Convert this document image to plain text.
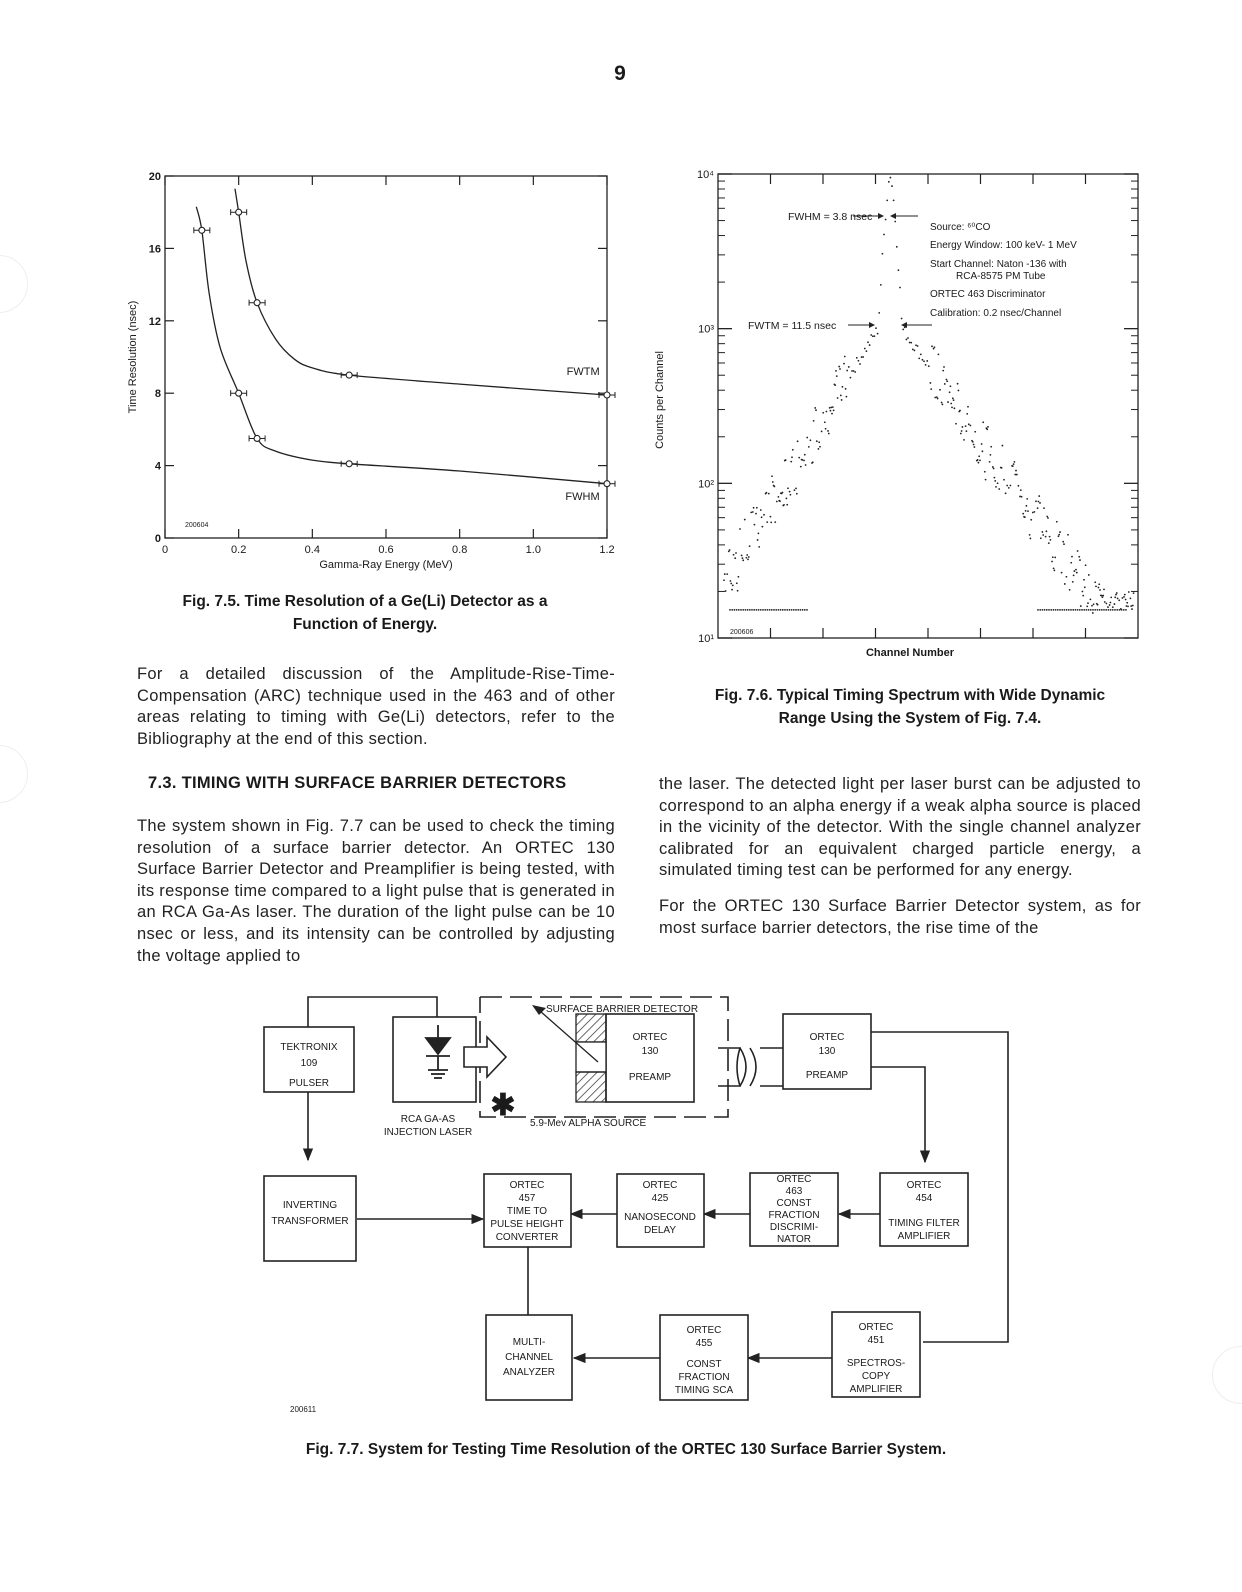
9
0	0.2	0.4	0.6	0.8	1.0	1.2
0
4
8
12
16
20
FWTM
FWHM
Gamma-Ray Energy (MeV)
Time Resolution (nsec)
200604
Fig. 7.5. Time Resolution of a Ge(Li) Detector as a
Function of Energy.
10¹
10²
10³
10⁴
Channel Number
Counts per Channel
200606
FWHM = 3.8 nsec
FWTM = 11.5 nsec
Source: ⁶⁰CO
Energy Window: 100 keV- 1 MeV
Start Channel: Naton -136 with
RCA-8575 PM Tube
ORTEC 463 Discriminator
Calibration: 0.2 nsec/Channel
Fig. 7.6. Typical Timing Spectrum with Wide Dynamic
Range Using the System of Fig. 7.4.

For a detailed discussion of the Amplitude-Rise-Time-Compensation (ARC) technique used in the 463 and of other areas relating to timing with Ge(Li) detectors, refer to the Bibliography at the end of this section.

7.3. TIMING WITH SURFACE BARRIER DETECTORS

The system shown in Fig. 7.7 can be used to check the timing resolution of a surface barrier detector. An ORTEC 130 Surface Barrier Detector and Preamplifier is being tested, with its response time compared to a light pulse that is generated in an RCA Ga-As laser. The duration of the light pulse can be 10 nsec or less, and its intensity can be controlled by adjusting the voltage applied to

the laser. The detected light per laser burst can be adjusted to correspond to an alpha energy if a weak alpha source is placed in the vicinity of the detector. With the single channel analyzer calibrated for an equivalent charged particle energy, a simulated timing test can be performed for any energy.

For the ORTEC 130 Surface Barrier Detector system, as for most surface barrier detectors, the rise time of the

✱
TEKTRONIX
109
PULSER
ORTEC
130
PREAMP
ORTEC
130
PREAMP
INVERTING
TRANSFORMER
ORTEC
457
TIME TO
PULSE HEIGHT
CONVERTER
ORTEC
425
NANOSECOND
DELAY
ORTEC
463
CONST
FRACTION
DISCRIMI-
NATOR
ORTEC
454
TIMING FILTER
AMPLIFIER
MULTI-
CHANNEL
ANALYZER
ORTEC
455
CONST
FRACTION
TIMING SCA
ORTEC
451
SPECTROS-
COPY
AMPLIFIER
RCA GA-AS
INJECTION LASER
SURFACE BARRIER DETECTOR
5.9-Mev ALPHA SOURCE
200611
Fig. 7.7. System for Testing Time Resolution of the ORTEC 130 Surface Barrier System.
